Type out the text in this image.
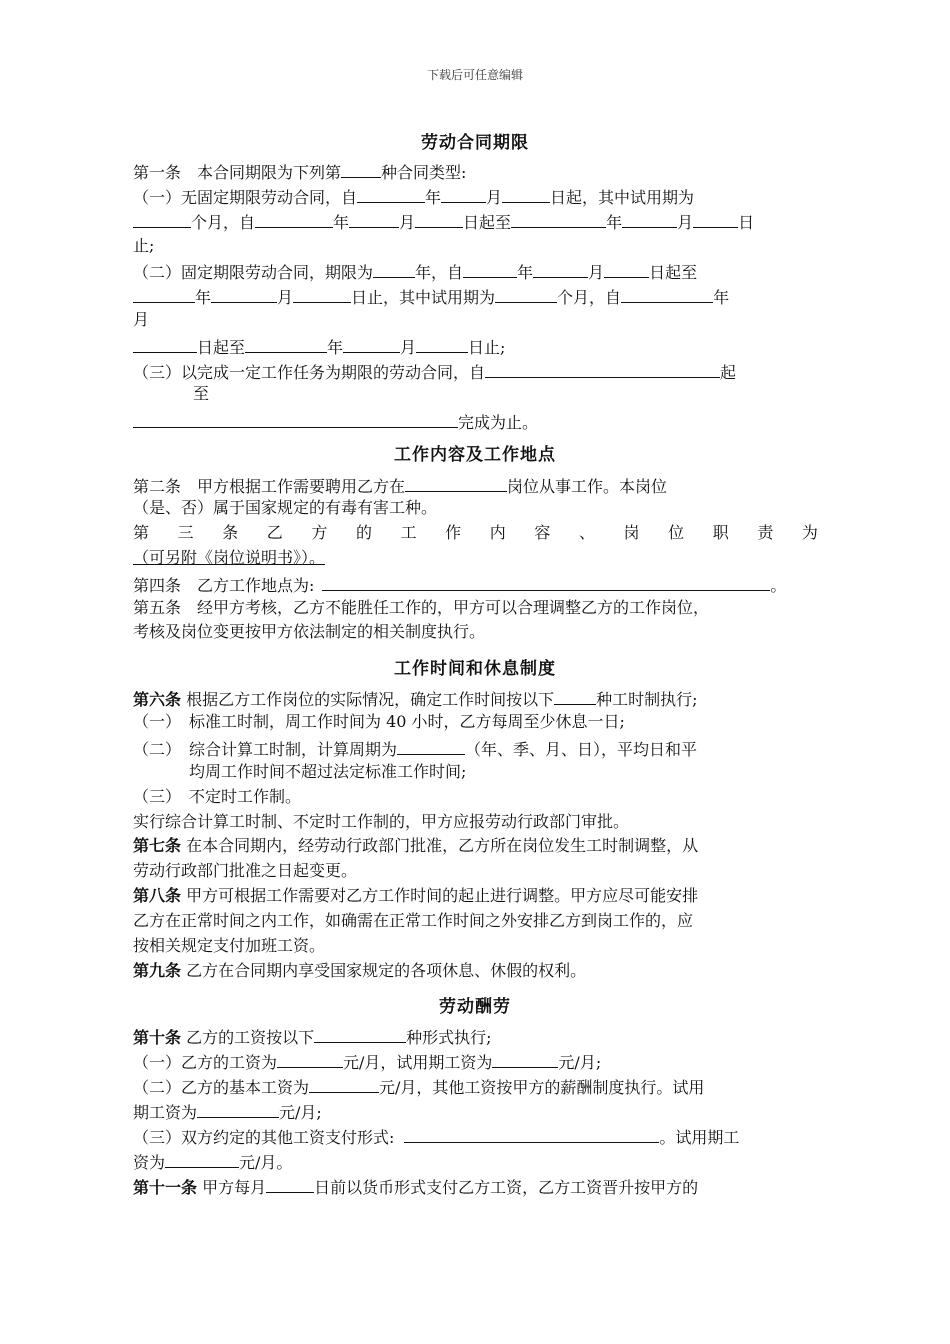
下载后可任意编辑
劳动合同期限
第一条　本合同期限为下列第	种合同类型:
（一）无固定期限劳动合同，自	年	月	日起，其中试用期为
个月，自	年	月	日起至	年	月	日
止;
（二）固定期限劳动合同，期限为	年，自	年	月	日起至
年	月	日止，其中试用期为	个月，自	年
月
日起至	年	月	日止;
（三）以完成一定工作任务为期限的劳动合同，自	起
至
完成为止。
工作内容及工作地点
第二条　甲方根据工作需要聘用乙方在	岗位从事工作。本岗位
（是、否）属于国家规定的有毒有害工种。
第 三 条 乙 方 的 工 作 内 容 、 岗 位 职 责 为
（可另附《岗位说明书》）。
第四条　乙方工作地点为:	。
第五条　经甲方考核，乙方不能胜任工作的，甲方可以合理调整乙方的工作岗位，
考核及岗位变更按甲方依法制定的相关制度执行。
工作时间和休息制度
第六条 根据乙方工作岗位的实际情况，确定工作时间按以下	种工时制执行;
（一）　标准工时制，周工作时间为 40 小时，乙方每周至少休息一日;
（二）　综合计算工时制，计算周期为	（年、季、月、日），平均日和平
均周工作时间不超过法定标准工作时间;
（三）　不定时工作制。
实行综合计算工时制、不定时工作制的，甲方应报劳动行政部门审批。
第七条 在本合同期内，经劳动行政部门批准，乙方所在岗位发生工时制调整，从
劳动行政部门批准之日起变更。
第八条 甲方可根据工作需要对乙方工作时间的起止进行调整。甲方应尽可能安排
乙方在正常时间之内工作，如确需在正常工作时间之外安排乙方到岗工作的，应
按相关规定支付加班工资。
第九条 乙方在合同期内享受国家规定的各项休息、休假的权利。
劳动酬劳
第十条 乙方的工资按以下	种形式执行;
（一）乙方的工资为	元/月，试用期工资为	元/月;
（二）乙方的基本工资为	元/月，其他工资按甲方的薪酬制度执行。试用
期工资为	元/月;
（三）双方约定的其他工资支付形式:	。试用期工
资为	元/月。
第十一条 甲方每月	日前以货币形式支付乙方工资，乙方工资晋升按甲方的
